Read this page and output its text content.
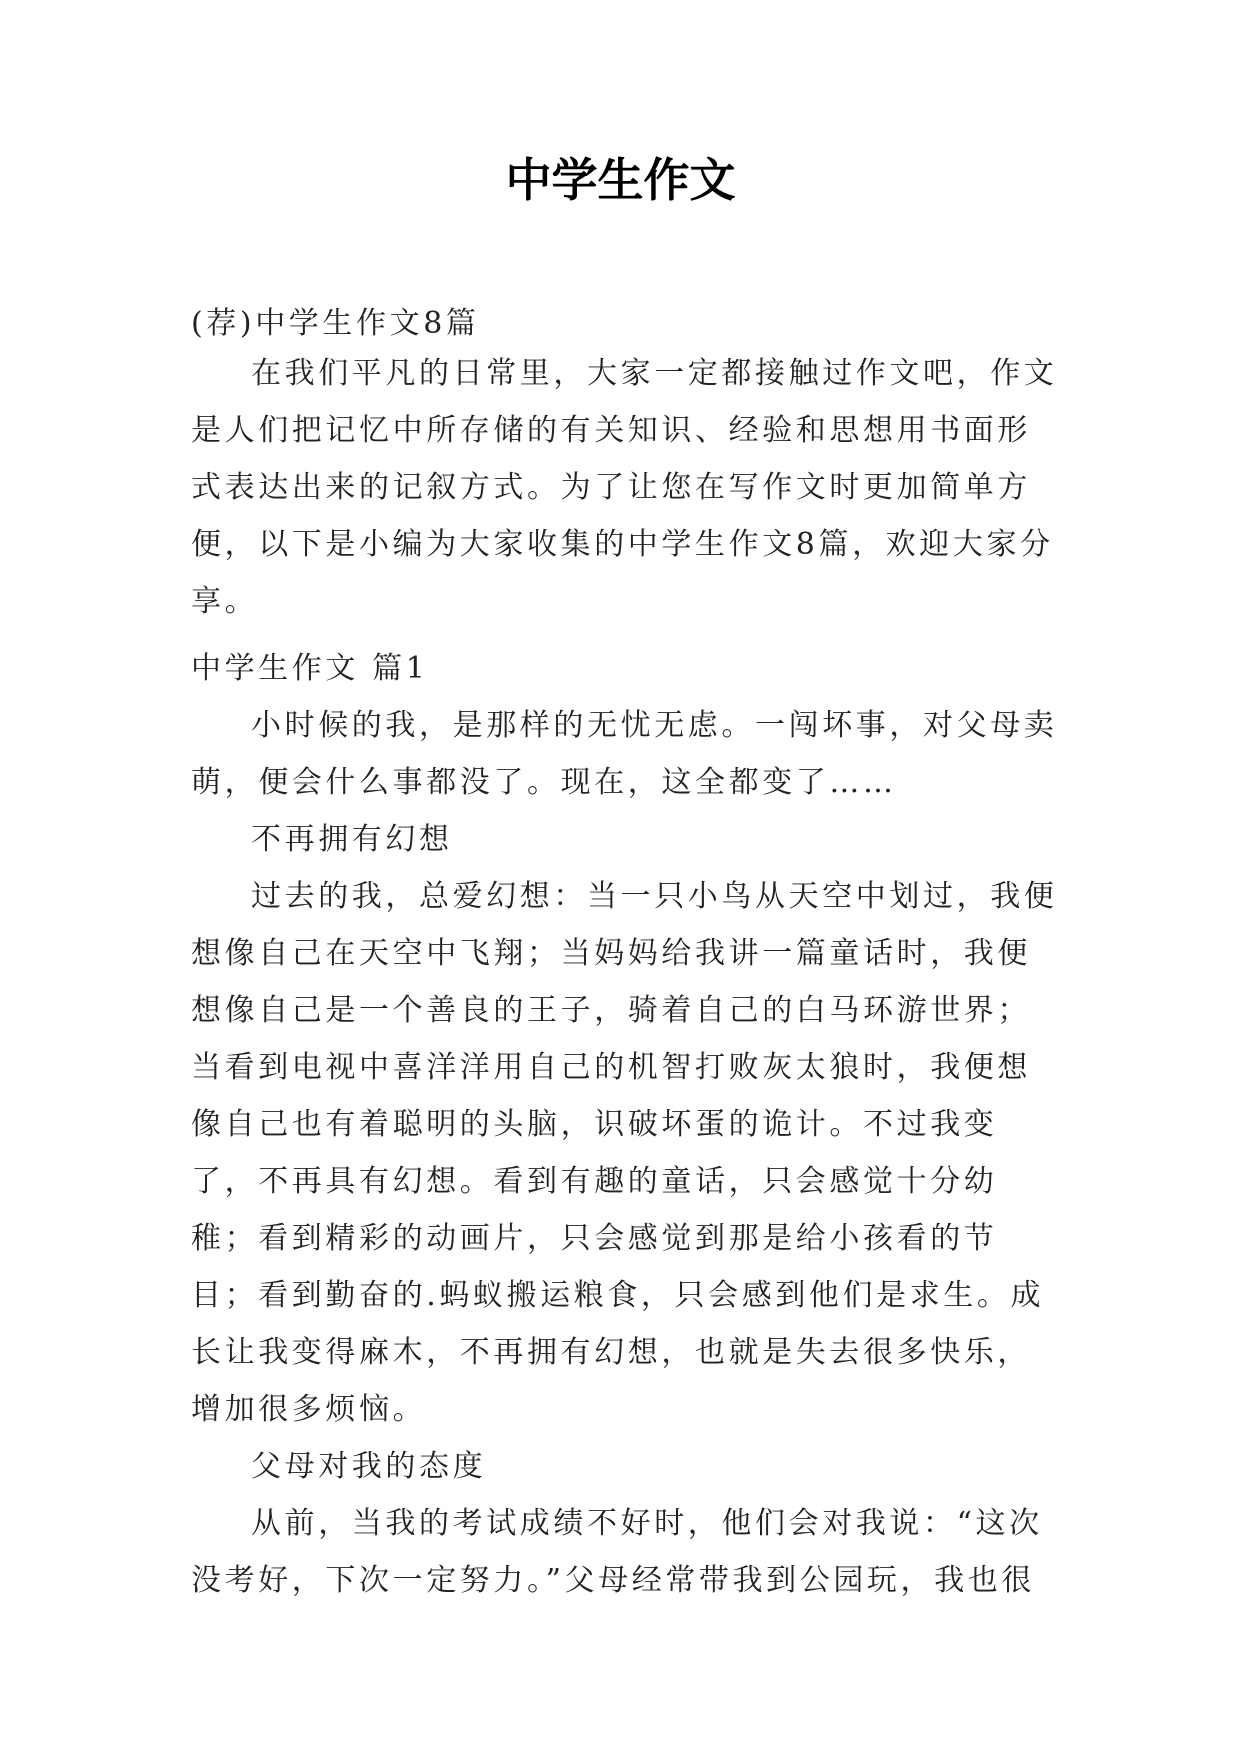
中学生作文
(荐)中学生作文8篇

在我们平凡的日常里，大家一定都接触过作文吧，作文是人们把记忆中所存储的有关知识、经验和思想用书面形式表达出来的记叙方式。为了让您在写作文时更加简单方便，以下是小编为大家收集的中学生作文8篇，欢迎大家分享。

中学生作文 篇1

小时候的我，是那样的无忧无虑。一闯坏事，对父母卖萌，便会什么事都没了。现在，这全都变了……

不再拥有幻想

过去的我，总爱幻想：当一只小鸟从天空中划过，我便想像自己在天空中飞翔；当妈妈给我讲一篇童话时，我便想像自己是一个善良的王子，骑着自己的白马环游世界；当看到电视中喜洋洋用自己的机智打败灰太狼时，我便想像自己也有着聪明的头脑，识破坏蛋的诡计。不过我变了，不再具有幻想。看到有趣的童话，只会感觉十分幼稚；看到精彩的动画片，只会感觉到那是给小孩看的节目；看到勤奋的.蚂蚁搬运粮食，只会感到他们是求生。成长让我变得麻木，不再拥有幻想，也就是失去很多快乐，增加很多烦恼。

父母对我的态度

从前，当我的考试成绩不好时，他们会对我说：“这次没考好，下次一定努力。”父母经常带我到公园玩，我也很
